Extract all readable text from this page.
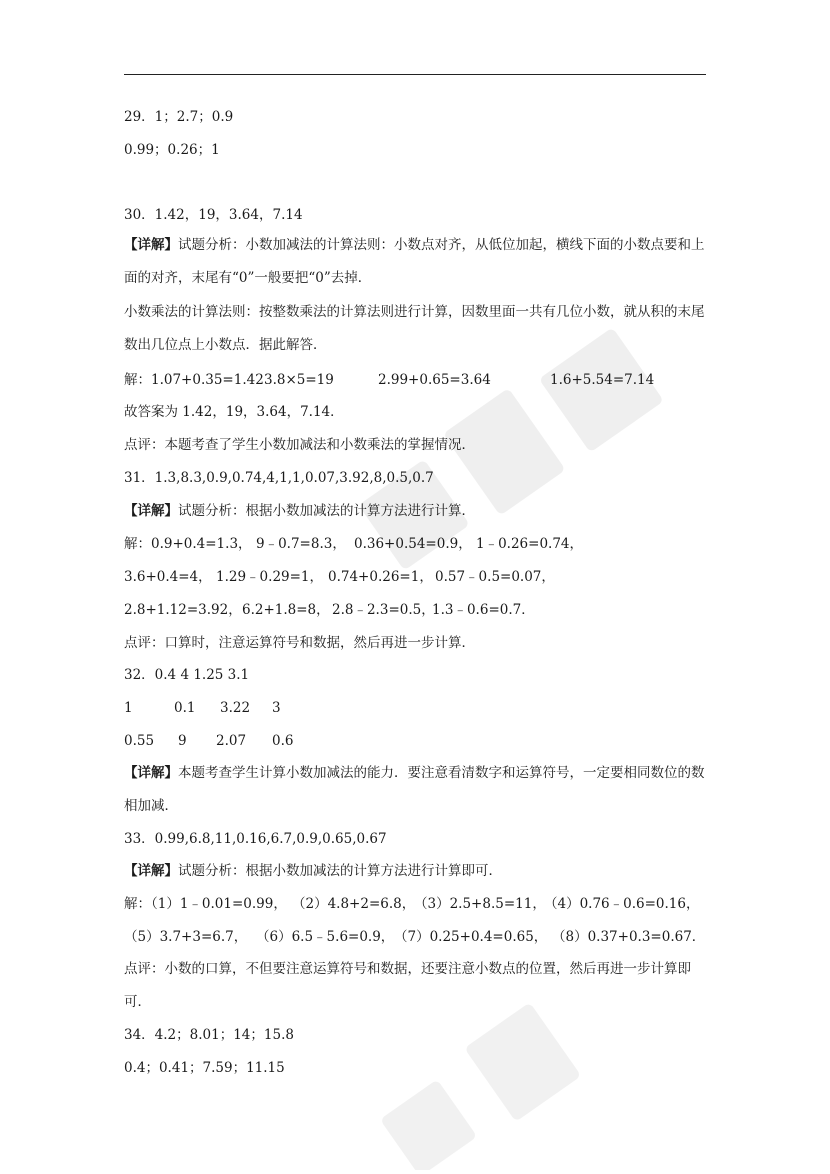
29．1；2.7；0.9
0.99；0.26；1
30．1.42，19，3.64，7.14
【详解】试题分析：小数加减法的计算法则：小数点对齐，从低位加起，横线下面的小数点要和上面的对齐，末尾有“0”一般要把“0”去掉．
小数乘法的计算法则：按整数乘法的计算法则进行计算，因数里面一共有几位小数，就从积的末尾数出几位点上小数点．据此解答．
解：1.07+0.35=1.423.8×5=19	2.99+0.65=3.64	1.6+5.54=7.14
故答案为 1.42，19，3.64，7.14．
点评：本题考查了学生小数加减法和小数乘法的掌握情况．
31．1.3,8.3,0.9,0.74,4,1,1,0.07,3.92,8,0.5,0.7
【详解】试题分析：根据小数加减法的计算方法进行计算．
解：0.9+0.4=1.3， 9﹣0.7=8.3， 0.36+0.54=0.9， 1﹣0.26=0.74，
3.6+0.4=4， 1.29﹣0.29=1， 0.74+0.26=1， 0.57﹣0.5=0.07，
2.8+1.12=3.92，6.2+1.8=8， 2.8﹣2.3=0.5，1.3﹣0.6=0.7．
点评：口算时，注意运算符号和数据，然后再进一步计算．
32．0.4 4 1.25 3.1
1	0.1 3.22 3
0.55 9 2.07 0.6
【详解】本题考查学生计算小数加减法的能力．要注意看清数字和运算符号，一定要相同数位的数相加减．
33．0.99,6.8,11,0.16,6.7,0.9,0.65,0.67
【详解】试题分析：根据小数加减法的计算方法进行计算即可．
解：（1）1﹣0.01=0.99， （2）4.8+2=6.8，（3）2.5+8.5=11，（4）0.76﹣0.6=0.16，
（5）3.7+3=6.7， （6）6.5﹣5.6=0.9，（7）0.25+0.4=0.65， （8）0.37+0.3=0.67．
点评：小数的口算，不但要注意运算符号和数据，还要注意小数点的位置，然后再进一步计算即可．
34．4.2；8.01；14；15.8
0.4；0.41；7.59；11.15
